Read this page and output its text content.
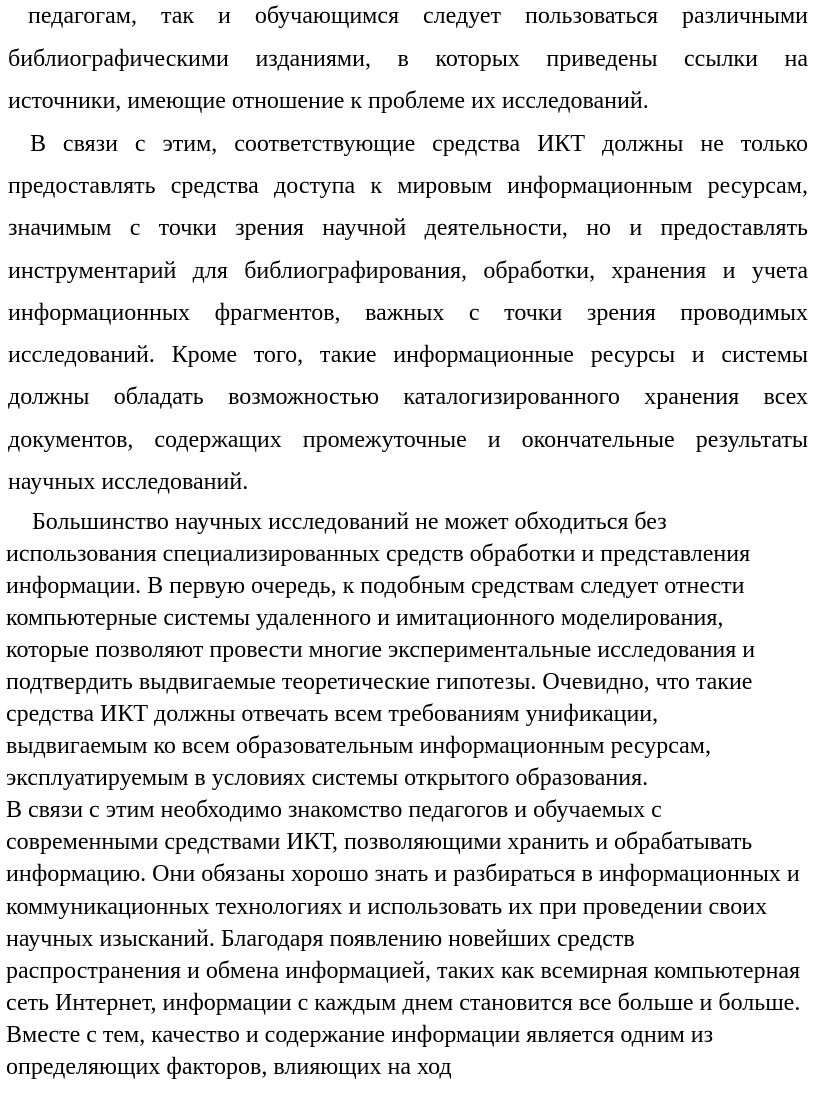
педагогам, так и обучающимся следует пользоваться различными
библиографическими изданиями, в которых приведены ссылки на
источники, имеющие отношение к проблеме их исследований.
В связи с этим, соответствующие средства ИКТ должны не только
предоставлять средства доступа к мировым информационным ресурсам,
значимым с точки зрения научной деятельности, но и предоставлять
инструментарий для библиографирования, обработки, хранения и учета
информационных фрагментов, важных с точки зрения проводимых
исследований. Кроме того, такие информационные ресурсы и системы
должны обладать возможностью каталогизированного хранения всех
документов, содержащих промежуточные и окончательные результаты
научных исследований.
Большинство научных исследований не может обходиться без
использования специализированных средств обработки и представления
информации. В первую очередь, к подобным средствам следует отнести
компьютерные системы удаленного и имитационного моделирования,
которые позволяют провести многие экспериментальные исследования и
подтвердить выдвигаемые теоретические гипотезы. Очевидно, что такие
средства ИКТ должны отвечать всем требованиям унификации,
выдвигаемым ко всем образовательным информационным ресурсам,
эксплуатируемым в условиях системы открытого образования.
В связи с этим необходимо знакомство педагогов и обучаемых с
современными средствами ИКТ, позволяющими хранить и обрабатывать
информацию. Они обязаны хорошо знать и разбираться в информационных и
коммуникационных технологиях и использовать их при проведении своих
научных изысканий. Благодаря появлению новейших средств
распространения и обмена информацией, таких как всемирная компьютерная
сеть Интернет, информации с каждым днем становится все больше и больше.
Вместе с тем, качество и содержание информации является одним из
определяющих факторов, влияющих на ход
